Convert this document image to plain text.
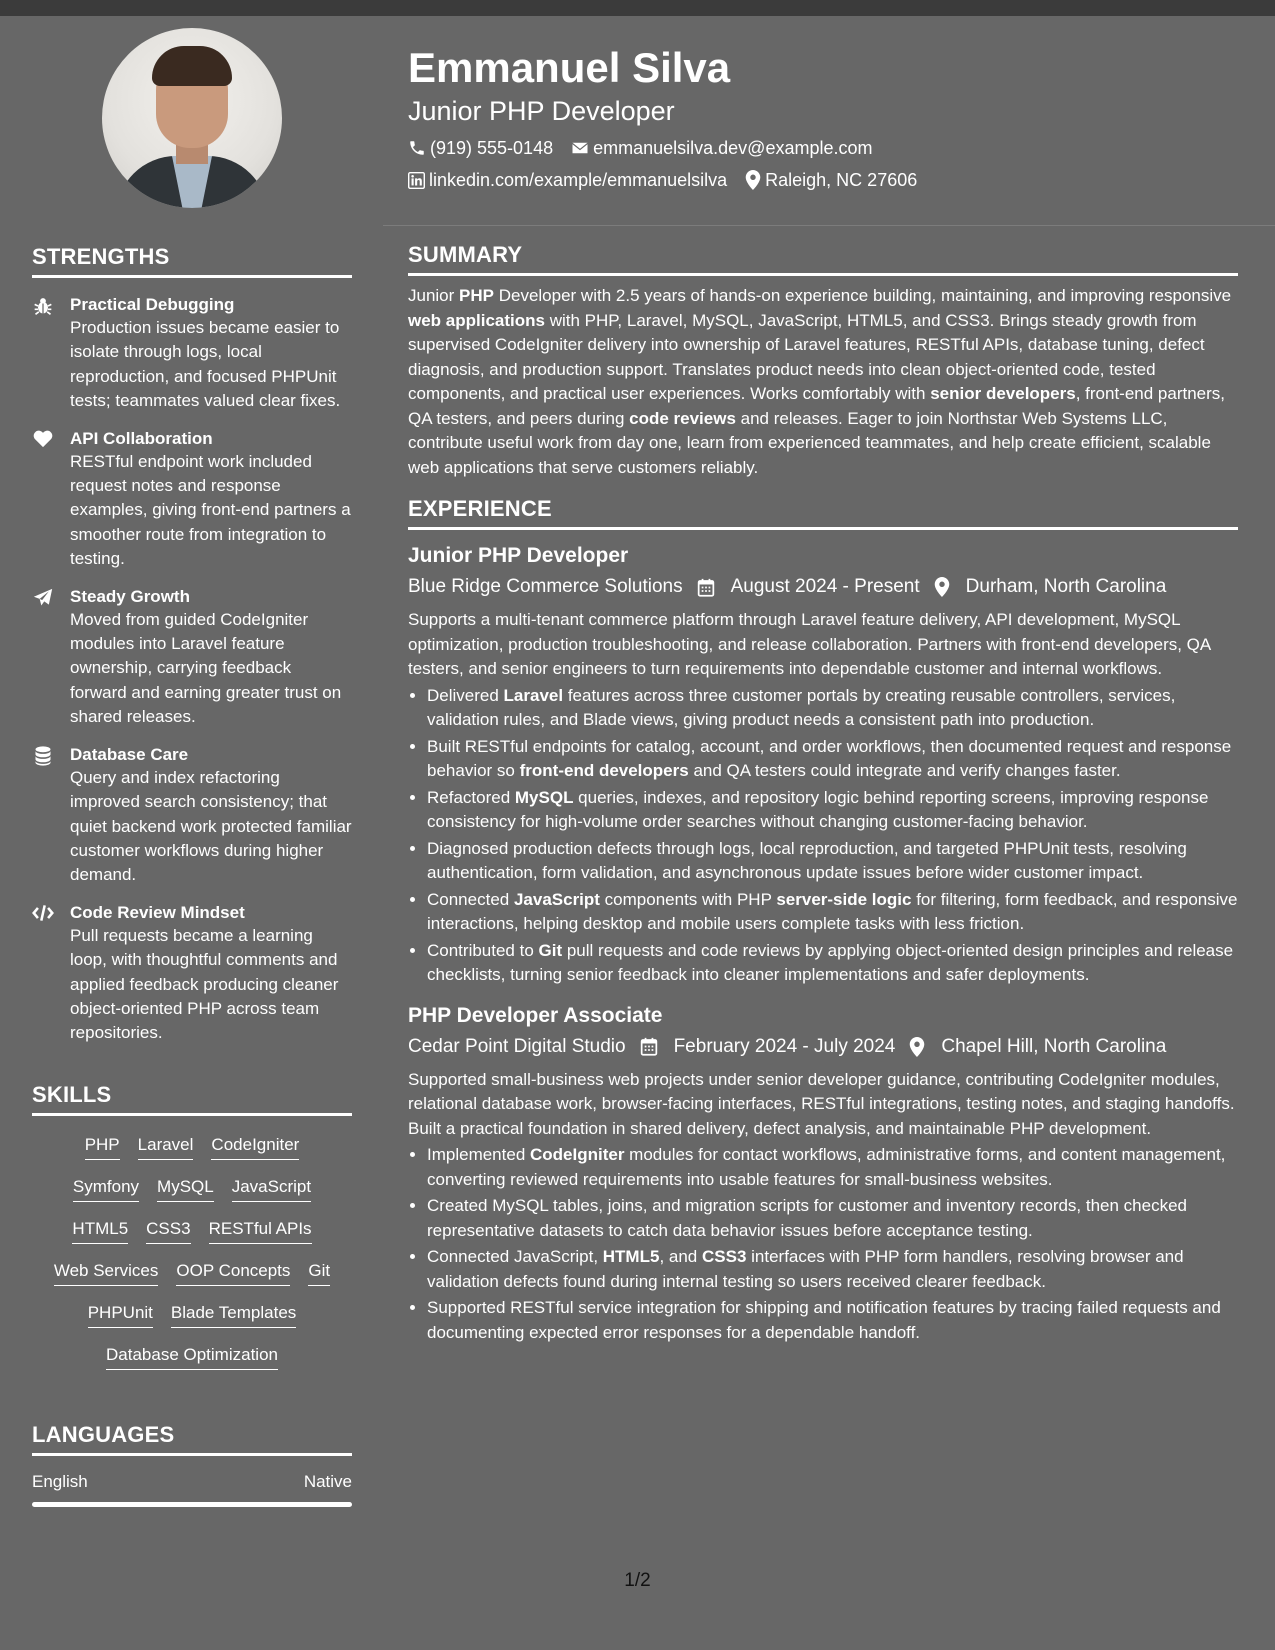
STRENGTHS
Practical Debugging
Production issues became easier to isolate through logs, local reproduction, and focused PHPUnit tests; teammates valued clear fixes.
API Collaboration
RESTful endpoint work included request notes and response examples, giving front-end partners a smoother route from integration to testing.
Steady Growth
Moved from guided CodeIgniter modules into Laravel feature ownership, carrying feedback forward and earning greater trust on shared releases.
Database Care
Query and index refactoring improved search consistency; that quiet backend work protected familiar customer workflows during higher demand.
Code Review Mindset
Pull requests became a learning loop, with thoughtful comments and applied feedback producing cleaner object-oriented PHP across team repositories.
SKILLS
PHP Laravel CodeIgniter
Symfony MySQL JavaScript
HTML5 CSS3 RESTful APIs
Web Services OOP Concepts Git
PHPUnit Blade Templates
Database Optimization
LANGUAGES
English	Native
Emmanuel Silva
Junior PHP Developer
(919) 555-0148 emmanuelsilva.dev@example.com
linkedin.com/example/emmanuelsilva Raleigh, NC 27606
SUMMARY
Junior PHP Developer with 2.5 years of hands-on experience building, maintaining, and improving responsive web applications with PHP, Laravel, MySQL, JavaScript, HTML5, and CSS3. Brings steady growth from supervised CodeIgniter delivery into ownership of Laravel features, RESTful APIs, database tuning, defect diagnosis, and production support. Translates product needs into clean object-oriented code, tested components, and practical user experiences. Works comfortably with senior developers, front-end partners, QA testers, and peers during code reviews and releases. Eager to join Northstar Web Systems LLC, contribute useful work from day one, learn from experienced teammates, and help create efficient, scalable web applications that serve customers reliably.
EXPERIENCE
Junior PHP Developer
Blue Ridge Commerce Solutions	August 2024 - Present Durham, North Carolina
Supports a multi-tenant commerce platform through Laravel feature delivery, API development, MySQL optimization, production troubleshooting, and release collaboration. Partners with front-end developers, QA testers, and senior engineers to turn requirements into dependable customer and internal workflows.
• Delivered Laravel features across three customer portals by creating reusable controllers, services, validation rules, and Blade views, giving product needs a consistent path into production.
• Built RESTful endpoints for catalog, account, and order workflows, then documented request and response behavior so front-end developers and QA testers could integrate and verify changes faster.
• Refactored MySQL queries, indexes, and repository logic behind reporting screens, improving response consistency for high-volume order searches without changing customer-facing behavior.
• Diagnosed production defects through logs, local reproduction, and targeted PHPUnit tests, resolving authentication, form validation, and asynchronous update issues before wider customer impact.
• Connected JavaScript components with PHP server-side logic for filtering, form feedback, and responsive interactions, helping desktop and mobile users complete tasks with less friction.
• Contributed to Git pull requests and code reviews by applying object-oriented design principles and release checklists, turning senior feedback into cleaner implementations and safer deployments.
PHP Developer Associate
Cedar Point Digital Studio	February 2024 - July 2024 Chapel Hill, North Carolina
Supported small-business web projects under senior developer guidance, contributing CodeIgniter modules, relational database work, browser-facing interfaces, RESTful integrations, testing notes, and staging handoffs. Built a practical foundation in shared delivery, defect analysis, and maintainable PHP development.
• Implemented CodeIgniter modules for contact workflows, administrative forms, and content management, converting reviewed requirements into usable features for small-business websites.
• Created MySQL tables, joins, and migration scripts for customer and inventory records, then checked representative datasets to catch data behavior issues before acceptance testing.
• Connected JavaScript, HTML5, and CSS3 interfaces with PHP form handlers, resolving browser and validation defects found during internal testing so users received clearer feedback.
• Supported RESTful service integration for shipping and notification features by tracing failed requests and documenting expected error responses for a dependable handoff.
1/2
